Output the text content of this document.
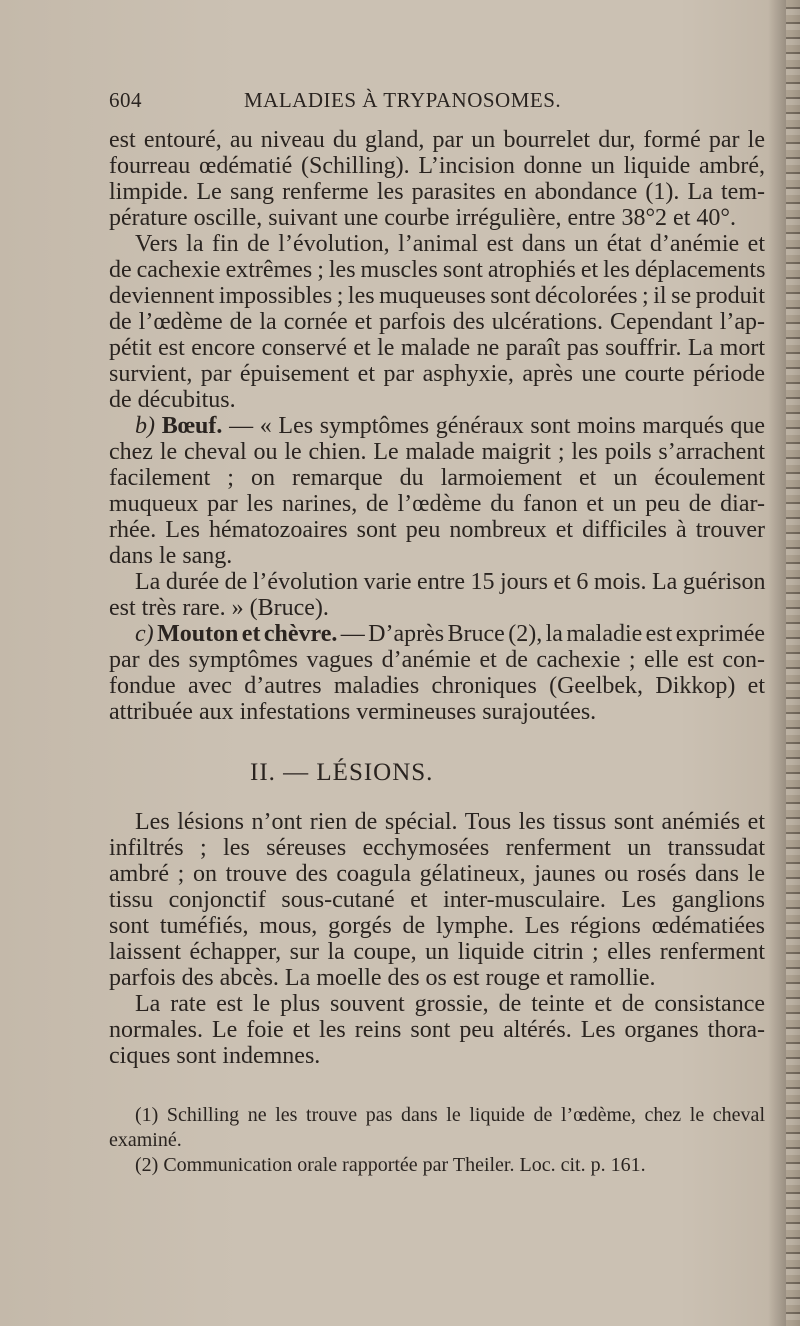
604	MALADIES À TRYPANOSOMES.
est entouré, au niveau du gland, par un bourrelet dur, formé par le
fourreau œdématié (Schilling). L’incision donne un liquide ambré,
limpide. Le sang renferme les parasites en abondance (1). La tem-
pérature oscille, suivant une courbe irrégulière, entre 38°2 et 40°.
Vers la fin de l’évolution, l’animal est dans un état d’anémie et
de cachexie extrêmes ; les muscles sont atrophiés et les déplacements
deviennent impossibles ; les muqueuses sont décolorées ; il se produit
de l’œdème de la cornée et parfois des ulcérations. Cependant l’ap-
pétit est encore conservé et le malade ne paraît pas souffrir. La mort
survient, par épuisement et par asphyxie, après une courte période
de décubitus.
b) Bœuf. — « Les symptômes généraux sont moins marqués que
chez le cheval ou le chien. Le malade maigrit ; les poils s’arrachent
facilement ; on remarque du larmoiement et un écoulement
muqueux par les narines, de l’œdème du fanon et un peu de diar-
rhée. Les hématozoaires sont peu nombreux et difficiles à trouver
dans le sang.
La durée de l’évolution varie entre 15 jours et 6 mois. La guérison
est très rare. » (Bruce).
c) Mouton et chèvre. — D’après Bruce (2), la maladie est exprimée
par des symptômes vagues d’anémie et de cachexie ; elle est con-
fondue avec d’autres maladies chroniques (Geelbek, Dikkop) et
attribuée aux infestations vermineuses surajoutées.
II. — LÉSIONS.
Les lésions n’ont rien de spécial. Tous les tissus sont anémiés et
infiltrés ; les séreuses ecchymosées renferment un transsudat
ambré ; on trouve des coagula gélatineux, jaunes ou rosés dans le
tissu conjonctif sous-cutané et inter-musculaire. Les ganglions
sont tuméfiés, mous, gorgés de lymphe. Les régions œdématiées
laissent échapper, sur la coupe, un liquide citrin ; elles renferment
parfois des abcès. La moelle des os est rouge et ramollie.
La rate est le plus souvent grossie, de teinte et de consistance
normales. Le foie et les reins sont peu altérés. Les organes thora-
ciques sont indemnes.
(1) Schilling ne les trouve pas dans le liquide de l’œdème, chez le cheval
examiné.
(2) Communication orale rapportée par Theiler. Loc. cit. p. 161.
